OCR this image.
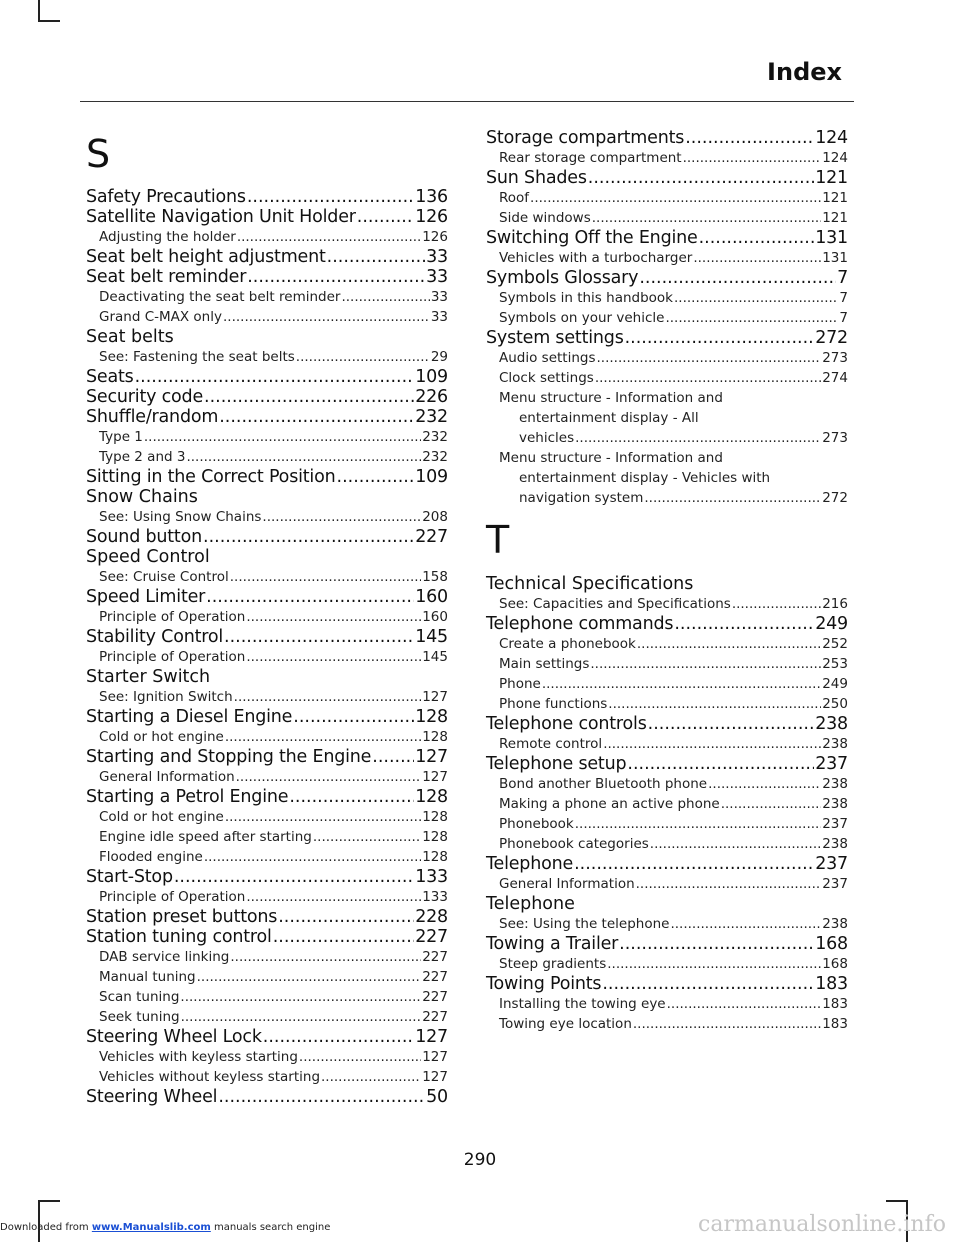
Index
S
Safety Precautions .....	136
Satellite Navigation Unit Holder .....	126
Adjusting the holder .....	126
Seat belt height adjustment .....	33
Seat belt reminder .....	33
Deactivating the seat belt reminder .....	33
Grand C-MAX only .....	33
Seat belts
See: Fastening the seat belts .....	29
Seats .....	109
Security code .....	226
Shuffle/random .....	232
Type 1 .....	232
Type 2 and 3 .....	232
Sitting in the Correct Position .....	109
Snow Chains
See: Using Snow Chains .....	208
Sound button .....	227
Speed Control
See: Cruise Control .....	158
Speed Limiter .....	160
Principle of Operation .....	160
Stability Control .....	145
Principle of Operation .....	145
Starter Switch
See: Ignition Switch .....	127
Starting a Diesel Engine .....	128
Cold or hot engine .....	128
Starting and Stopping the Engine .....	127
General Information .....	127
Starting a Petrol Engine .....	128
Cold or hot engine .....	128
Engine idle speed after starting .....	128
Flooded engine .....	128
Start-Stop .....	133
Principle of Operation .....	133
Station preset buttons .....	228
Station tuning control .....	227
DAB service linking .....	227
Manual tuning .....	227
Scan tuning .....	227
Seek tuning .....	227
Steering Wheel Lock .....	127
Vehicles with keyless starting .....	127
Vehicles without keyless starting .....	127
Steering Wheel .....	50
Storage compartments .....	124
Rear storage compartment .....	124
Sun Shades .....	121
Roof .....	121
Side windows .....	121
Switching Off the Engine .....	131
Vehicles with a turbocharger .....	131
Symbols Glossary .....	7
Symbols in this handbook .....	7
Symbols on your vehicle .....	7
System settings .....	272
Audio settings .....	273
Clock settings .....	274
Menu structure - Information and
entertainment display - All
vehicles .....	273
Menu structure - Information and
entertainment display - Vehicles with
navigation system .....	272
T
Technical Specifications
See: Capacities and Specifications .....	216
Telephone commands .....	249
Create a phonebook .....	252
Main settings .....	253
Phone .....	249
Phone functions .....	250
Telephone controls .....	238
Remote control .....	238
Telephone setup .....	237
Bond another Bluetooth phone .....	238
Making a phone an active phone .....	238
Phonebook .....	237
Phonebook categories .....	238
Telephone .....	237
General Information .....	237
Telephone
See: Using the telephone .....	238
Towing a Trailer .....	168
Steep gradients .....	168
Towing Points .....	183
Installing the towing eye .....	183
Towing eye location .....	183
290
Downloaded from www.Manualslib.com manuals search engine	carmanualsonline.info
